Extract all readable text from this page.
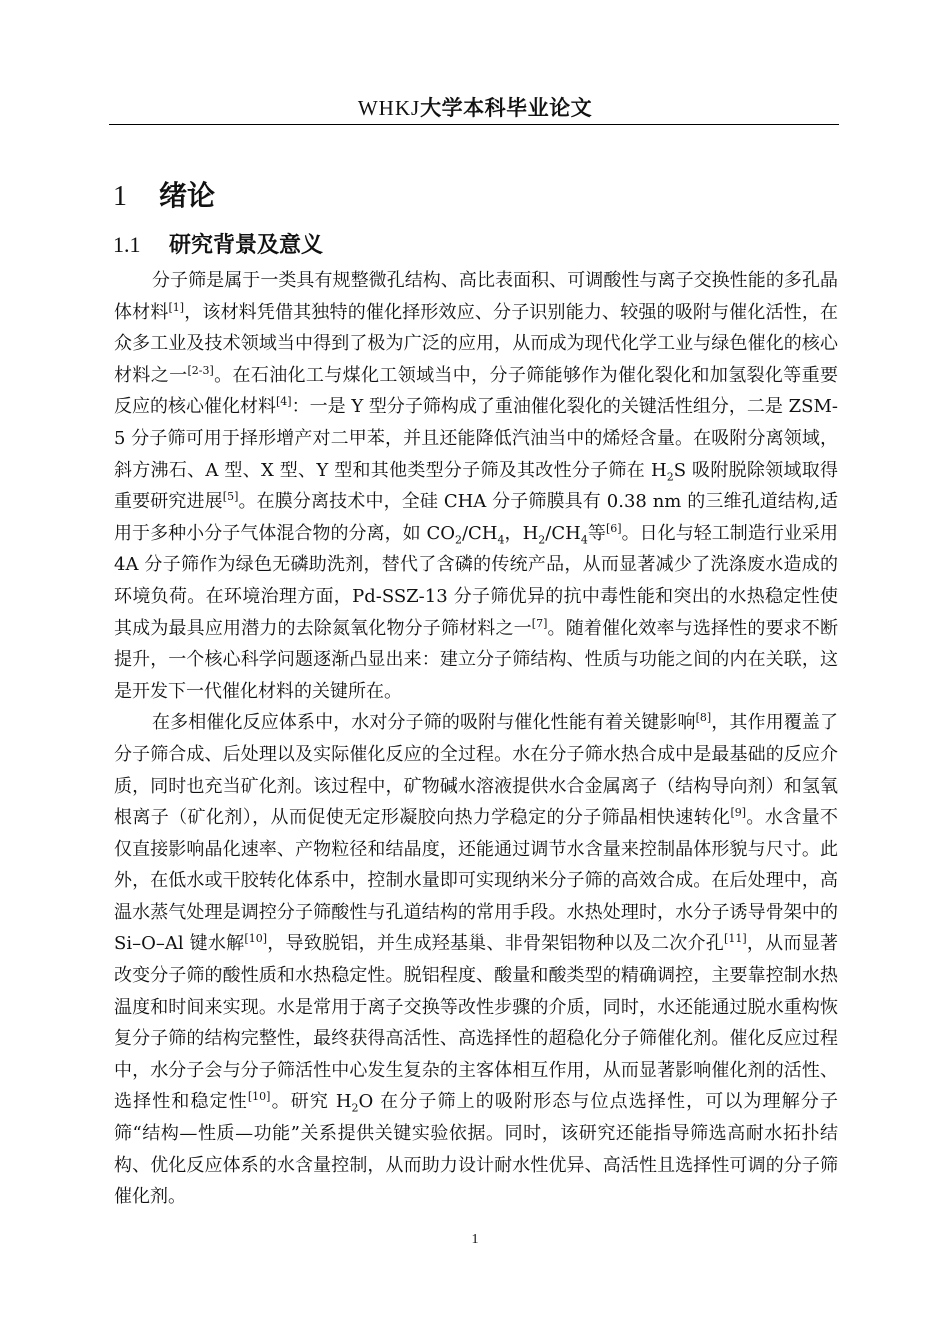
WHKJ大学本科毕业论文
1 绪论
1.1 研究背景及意义

分子筛是属于一类具有规整微孔结构、高比表面积、可调酸性与离子交换性能的多孔晶体材料[1]，该材料凭借其独特的催化择形效应、分子识别能力、较强的吸附与催化活性，在众多工业及技术领域当中得到了极为广泛的应用，从而成为现代化学工业与绿色催化的核心材料之一[2-3]。在石油化工与煤化工领域当中，分子筛能够作为催化裂化和加氢裂化等重要反应的核心催化材料[4]：一是 Y 型分子筛构成了重油催化裂化的关键活性组分，二是 ZSM-5 分子筛可用于择形增产对二甲苯，并且还能降低汽油当中的烯烃含量。在吸附分离领域，斜方沸石、A 型、X 型、Y 型和其他类型分子筛及其改性分子筛在 $H_2S$ 吸附脱除领域取得重要研究进展[5]。在膜分离技术中，全硅 CHA 分子筛膜具有 0.38 nm 的三维孔道结构,适用于多种小分子气体混合物的分离，如 $CO_2/CH_4$，$H_2/CH_4$等[6]。日化与轻工制造行业采用 4A 分子筛作为绿色无磷助洗剂，替代了含磷的传统产品，从而显著减少了洗涤废水造成的环境负荷。在环境治理方面，Pd-SSZ-13 分子筛优异的抗中毒性能和突出的水热稳定性使其成为最具应用潜力的去除氮氧化物分子筛材料之一[7]。随着催化效率与选择性的要求不断提升，一个核心科学问题逐渐凸显出来：建立分子筛结构、性质与功能之间的内在关联，这是开发下一代催化材料的关键所在。

在多相催化反应体系中，水对分子筛的吸附与催化性能有着关键影响[8]，其作用覆盖了分子筛合成、后处理以及实际催化反应的全过程。水在分子筛水热合成中是最基础的反应介质，同时也充当矿化剂。该过程中，矿物碱水溶液提供水合金属离子（结构导向剂）和氢氧根离子（矿化剂），从而促使无定形凝胶向热力学稳定的分子筛晶相快速转化[9]。水含量不仅直接影响晶化速率、产物粒径和结晶度，还能通过调节水含量来控制晶体形貌与尺寸。此外，在低水或干胶转化体系中，控制水量即可实现纳米分子筛的高效合成。在后处理中，高温水蒸气处理是调控分子筛酸性与孔道结构的常用手段。水热处理时，水分子诱导骨架中的 Si–O–Al 键水解[10]，导致脱铝，并生成羟基巢、非骨架铝物种以及二次介孔[11]，从而显著改变分子筛的酸性质和水热稳定性。脱铝程度、酸量和酸类型的精确调控，主要靠控制水热温度和时间来实现。水是常用于离子交换等改性步骤的介质，同时，水还能通过脱水重构恢复分子筛的结构完整性，最终获得高活性、高选择性的超稳化分子筛催化剂。催化反应过程中，水分子会与分子筛活性中心发生复杂的主客体相互作用，从而显著影响催化剂的活性、选择性和稳定性[10]。研究 $H_2O$ 在分子筛上的吸附形态与位点选择性，可以为理解分子筛“结构—性质—功能”关系提供关键实验依据。同时，该研究还能指导筛选高耐水拓扑结构、优化反应体系的水含量控制，从而助力设计耐水性优异、高活性且选择性可调的分子筛催化剂。

1
